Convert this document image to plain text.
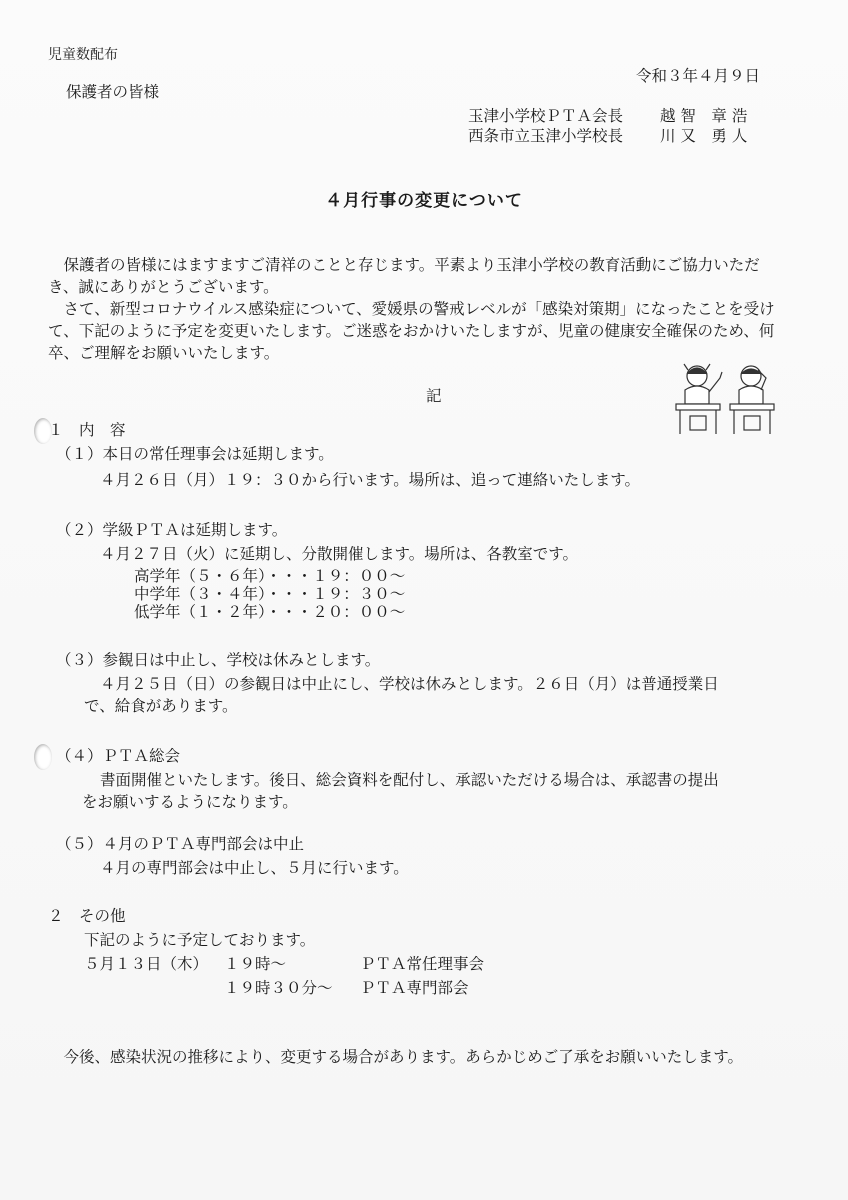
児童数配布
令和３年４月９日
保護者の皆様
玉津小学校ＰＴＡ会長	越 智　章 浩
西条市立玉津小学校長	川 又　勇 人
４月行事の変更について
保護者の皆様にはますますご清祥のことと存じます。平素より玉津小学校の教育活動にご協力いただき、誠にありがとうございます。
さて、新型コロナウイルス感染症について、愛媛県の警戒レベルが「感染対策期」になったことを受けて、下記のように予定を変更いたします。ご迷惑をおかけいたしますが、児童の健康安全確保のため、何卒、ご理解をお願いいたします。
記
１　内　容
（１）本日の常任理事会は延期します。
４月２６日（月）１９：３０から行います。場所は、追って連絡いたします。
（２）学級ＰＴＡは延期します。
４月２７日（火）に延期し、分散開催します。場所は、各教室です。
高学年（５・６年）・・・１９：００～
中学年（３・４年）・・・１９：３０～
低学年（１・２年）・・・２０：００～
（３）参観日は中止し、学校は休みとします。
４月２５日（日）の参観日は中止にし、学校は休みとします。２６日（月）は普通授業日
で、給食があります。
（４）ＰＴＡ総会
書面開催といたします。後日、総会資料を配付し、承認いただける場合は、承認書の提出
をお願いするようになります。
（５）４月のＰＴＡ専門部会は中止
４月の専門部会は中止し、５月に行います。
２　その他
下記のように予定しております。
５月１３日（木） １９時～	ＰＴＡ常任理事会
１９時３０分～ ＰＴＡ専門部会
今後、感染状況の推移により、変更する場合があります。あらかじめご了承をお願いいたします。
